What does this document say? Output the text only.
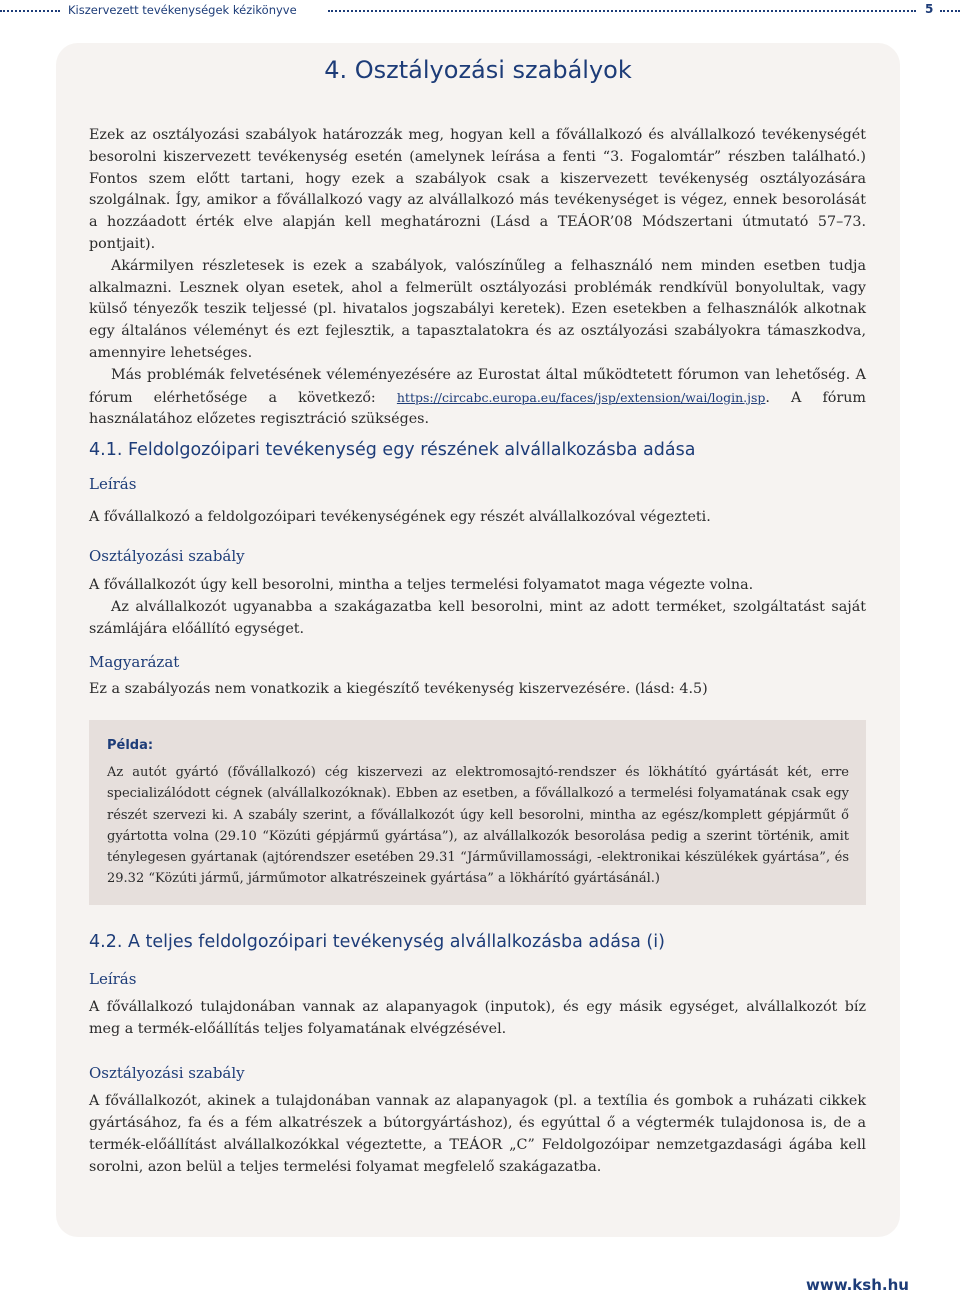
Kiszervezett tevékenységek kézikönyve	5
4. Osztályozási szabályok

Ezek az osztályozási szabályok határozzák meg, hogyan kell a fővállalkozó és alvállalkozó tevékenységét besorolni kiszervezett tevékenység esetén (amelynek leírása a fenti “3. Fogalomtár” részben található.) Fontos szem előtt tartani, hogy ezek a szabályok csak a kiszervezett tevékenység osztályozására szolgálnak. Így, amikor a fővállalkozó vagy az alvállalkozó más tevékenységet is végez, ennek besorolását a hozzáadott érték elve alapján kell meghatározni (Lásd a TEÁOR’08 Módszertani útmutató 57–73. pontjait).

Akármilyen részletesek is ezek a szabályok, valószínűleg a felhasználó nem minden esetben tudja alkalmazni. Lesznek olyan esetek, ahol a felmerült osztályozási problémák rendkívül bonyolultak, vagy külső tényezők teszik teljessé (pl. hivatalos jogszabályi keretek). Ezen esetekben a felhasználók alkotnak egy általános véleményt és ezt fejlesztik, a tapasztalatokra és az osztályozási szabályokra támaszkodva, amennyire lehetséges.

Más problémák felvetésének véleményezésére az Eurostat által működtetett fórumon van lehetőség. A fórum elérhetősége a következő: https://circabc.europa.eu/faces/jsp/extension/wai/login.jsp. A fórum használatához előzetes regisztráció szükséges.

4.1. Feldolgozóipari tevékenység egy részének alvállalkozásba adása
Leírás

A fővállalkozó a feldolgozóipari tevékenységének egy részét alvállalkozóval végezteti.

Osztályozási szabály

A fővállalkozót úgy kell besorolni, mintha a teljes termelési folyamatot maga végezte volna.

Az alvállalkozót ugyanabba a szakágazatba kell besorolni, mint az adott terméket, szolgáltatást saját számlájára előállító egységet.

Magyarázat

Ez a szabályozás nem vonatkozik a kiegészítő tevékenység kiszervezésére. (lásd: 4.5)

Példa:
Az autót gyártó (fővállalkozó) cég kiszervezi az elektromosajtó-rendszer és lökhátító gyártását két, erre specializálódott cégnek (alvállalkozóknak). Ebben az esetben, a fővállalkozó a termelési folyamatának csak egy részét szervezi ki. A szabály szerint, a fővállalkozót úgy kell besorolni, mintha az egész/komplett gépjárműt ő gyártotta volna (29.10 “Közúti gépjármű gyártása”), az alvállalkozók besorolása pedig a szerint történik, amit ténylegesen gyártanak (ajtórendszer esetében 29.31 “Járművillamossági, -elektronikai készülékek gyártása”, és 29.32 “Közúti jármű, járműmotor alkatrészeinek gyártása” a lökhárító gyártásánál.)
4.2. A teljes feldolgozóipari tevékenység alvállalkozásba adása (i)
Leírás

A fővállalkozó tulajdonában vannak az alapanyagok (inputok), és egy másik egységet, alvállalkozót bíz meg a termék-előállítás teljes folyamatának elvégzésével.

Osztályozási szabály

A fővállalkozót, akinek a tulajdonában vannak az alapanyagok (pl. a textília és gombok a ruházati cikkek gyártásához, fa és a fém alkatrészek a bútorgyártáshoz), és egyúttal ő a végtermék tulajdonosa is, de a termék-előállítást alvállalkozókkal végeztette, a TEÁOR „C” Feldolgozóipar nemzetgazdasági ágába kell sorolni, azon belül a teljes termelési folyamat megfelelő szakágazatba.

www.ksh.hu
